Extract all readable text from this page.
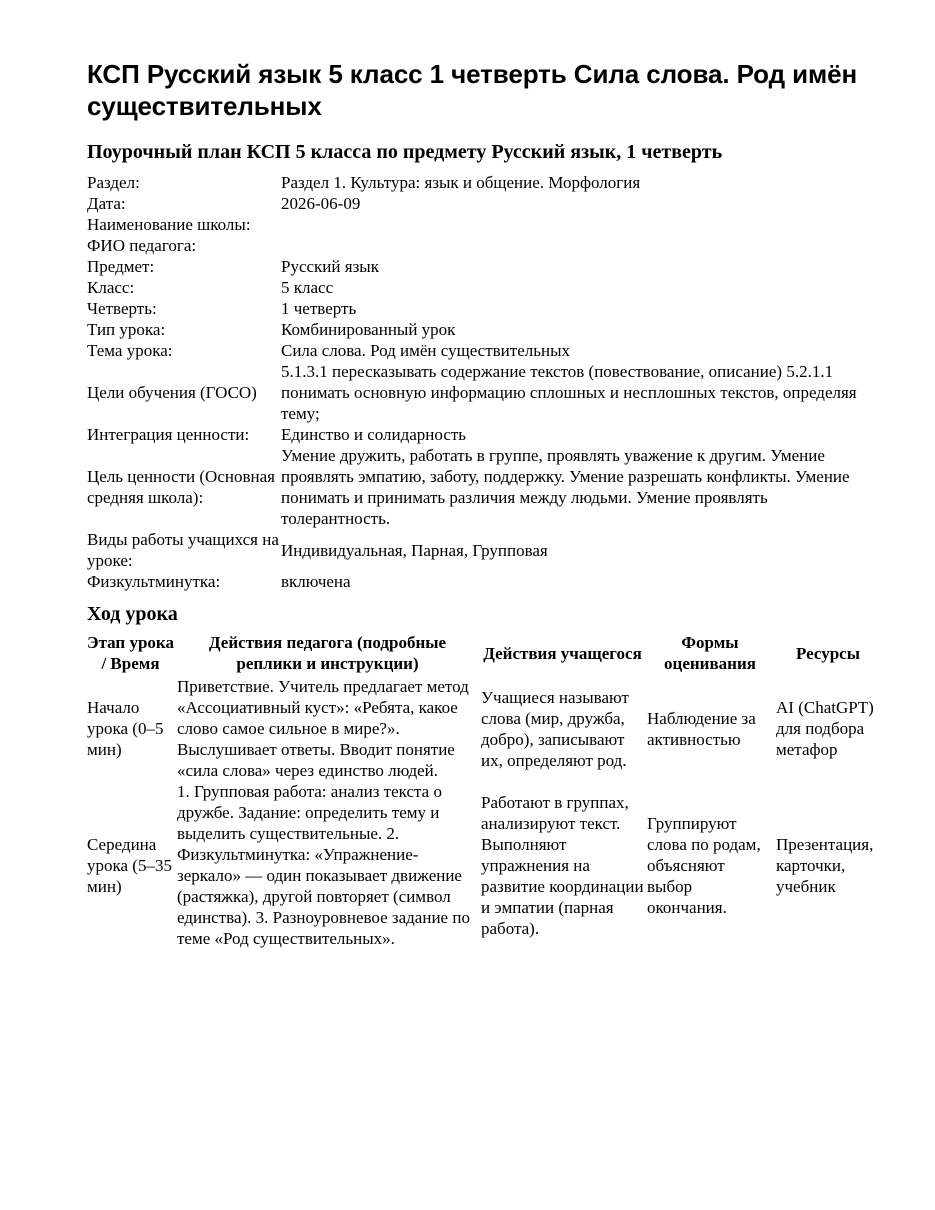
КСП Русский язык 5 класс 1 четверть Сила слова. Род имён существительных
Поурочный план КСП 5 класса по предмету Русский язык, 1 четверть
Раздел:	Раздел 1. Культура: язык и общение. Морфология
Дата:	2026-06-09
Наименование школы:	
ФИО педагога:	
Предмет:	Русский язык
Класс:	5 класс
Четверть:	1 четверть
Тип урока:	Комбинированный урок
Тема урока:	Сила слова. Род имён существительных
Цели обучения (ГОСО)	5.1.3.1 пересказывать содержание текстов (повествование, описание) 5.2.1.1 понимать основную информацию сплошных и несплошных текстов, определяя тему;
Интеграция ценности:	Единство и солидарность
Цель ценности (Основная средняя школа):	Умение дружить, работать в группе, проявлять уважение к другим. Умение проявлять эмпатию, заботу, поддержку. Умение разрешать конфликты. Умение понимать и принимать различия между людьми. Умение проявлять толерантность.
Виды работы учащихся на уроке:	Индивидуальная, Парная, Групповая
Физкультминутка:	включена
Ход урока
Этап урока / Время	Действия педагога (подробные реплики и инструкции)	Действия учащегося	Формы оценивания	Ресурсы
Начало урока (0–5 мин)	Приветствие. Учитель предлагает метод «Ассоциативный куст»: «Ребята, какое слово самое сильное в мире?». Выслушивает ответы. Вводит понятие «сила слова» через единство людей.	Учащиеся называют слова (мир, дружба, добро), записывают их, определяют род.	Наблюдение за активностью	AI (ChatGPT) для подбора метафор
Середина урока (5–35 мин)	1. Групповая работа: анализ текста о дружбе. Задание: определить тему и выделить существительные. 2. Физкультминутка: «Упражнение-зеркало» — один показывает движение (растяжка), другой повторяет (символ единства). 3. Разноуровневое задание по теме «Род существительных».	Работают в группах, анализируют текст. Выполняют упражнения на развитие координации и эмпатии (парная работа).	Группируют слова по родам, объясняют выбор окончания.	Презентация, карточки, учебник
